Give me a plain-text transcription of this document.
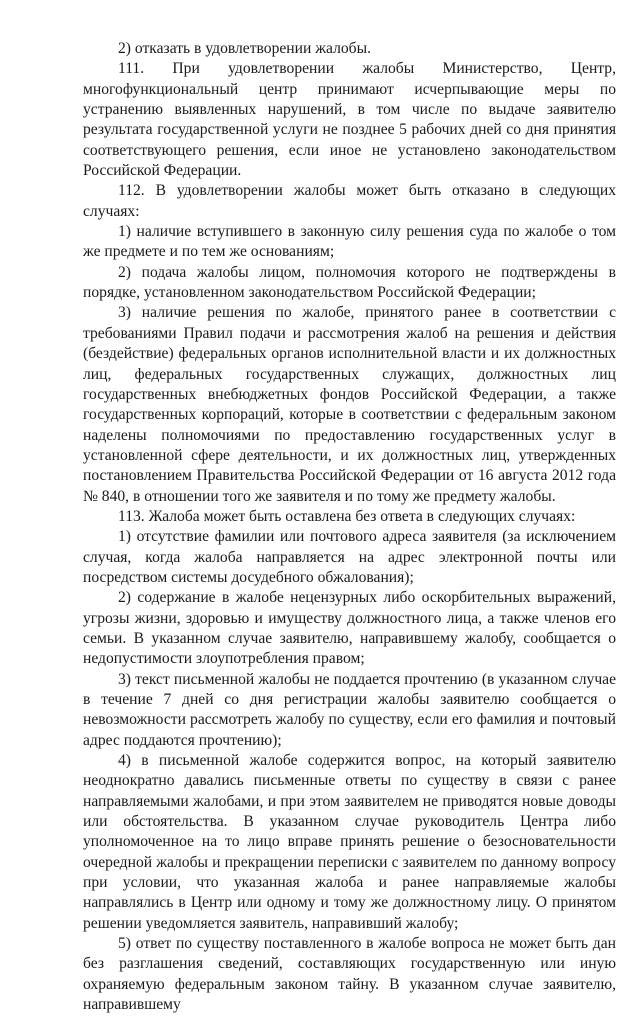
2) отказать в удовлетворении жалобы.

111. При удовлетворении жалобы Министерство, Центр, многофункциональный центр принимают исчерпывающие меры по устранению выявленных нарушений, в том числе по выдаче заявителю результата государственной услуги не позднее 5 рабочих дней со дня принятия соответствующего решения, если иное не установлено законодательством Российской Федерации.

112. В удовлетворении жалобы может быть отказано в следующих случаях:

1) наличие вступившего в законную силу решения суда по жалобе о том же предмете и по тем же основаниям;

2) подача жалобы лицом, полномочия которого не подтверждены в порядке, установленном законодательством Российской Федерации;

3) наличие решения по жалобе, принятого ранее в соответствии с требованиями Правил подачи и рассмотрения жалоб на решения и действия (бездействие) федеральных органов исполнительной власти и их должностных лиц, федеральных государственных служащих, должностных лиц государственных внебюджетных фондов Российской Федерации, а также государственных корпораций, которые в соответствии с федеральным законом наделены полномочиями по предоставлению государственных услуг в установленной сфере деятельности, и их должностных лиц, утвержденных постановлением Правительства Российской Федерации от 16 августа 2012 года № 840, в отношении того же заявителя и по тому же предмету жалобы.

113. Жалоба может быть оставлена без ответа в следующих случаях:

1) отсутствие фамилии или почтового адреса заявителя (за исключением случая, когда жалоба направляется на адрес электронной почты или посредством системы досудебного обжалования);

2) содержание в жалобе нецензурных либо оскорбительных выражений, угрозы жизни, здоровью и имуществу должностного лица, а также членов его семьи. В указанном случае заявителю, направившему жалобу, сообщается о недопустимости злоупотребления правом;

3) текст письменной жалобы не поддается прочтению (в указанном случае в течение 7 дней со дня регистрации жалобы заявителю сообщается о невозможности рассмотреть жалобу по существу, если его фамилия и почтовый адрес поддаются прочтению);

4) в письменной жалобе содержится вопрос, на который заявителю неоднократно давались письменные ответы по существу в связи с ранее направляемыми жалобами, и при этом заявителем не приводятся новые доводы или обстоятельства. В указанном случае руководитель Центра либо уполномоченное на то лицо вправе принять решение о безосновательности очередной жалобы и прекращении переписки с заявителем по данному вопросу при условии, что указанная жалоба и ранее направляемые жалобы направлялись в Центр или одному и тому же должностному лицу. О принятом решении уведомляется заявитель, направивший жалобу;

5) ответ по существу поставленного в жалобе вопроса не может быть дан без разглашения сведений, составляющих государственную или иную охраняемую федеральным законом тайну. В указанном случае заявителю, направившему
